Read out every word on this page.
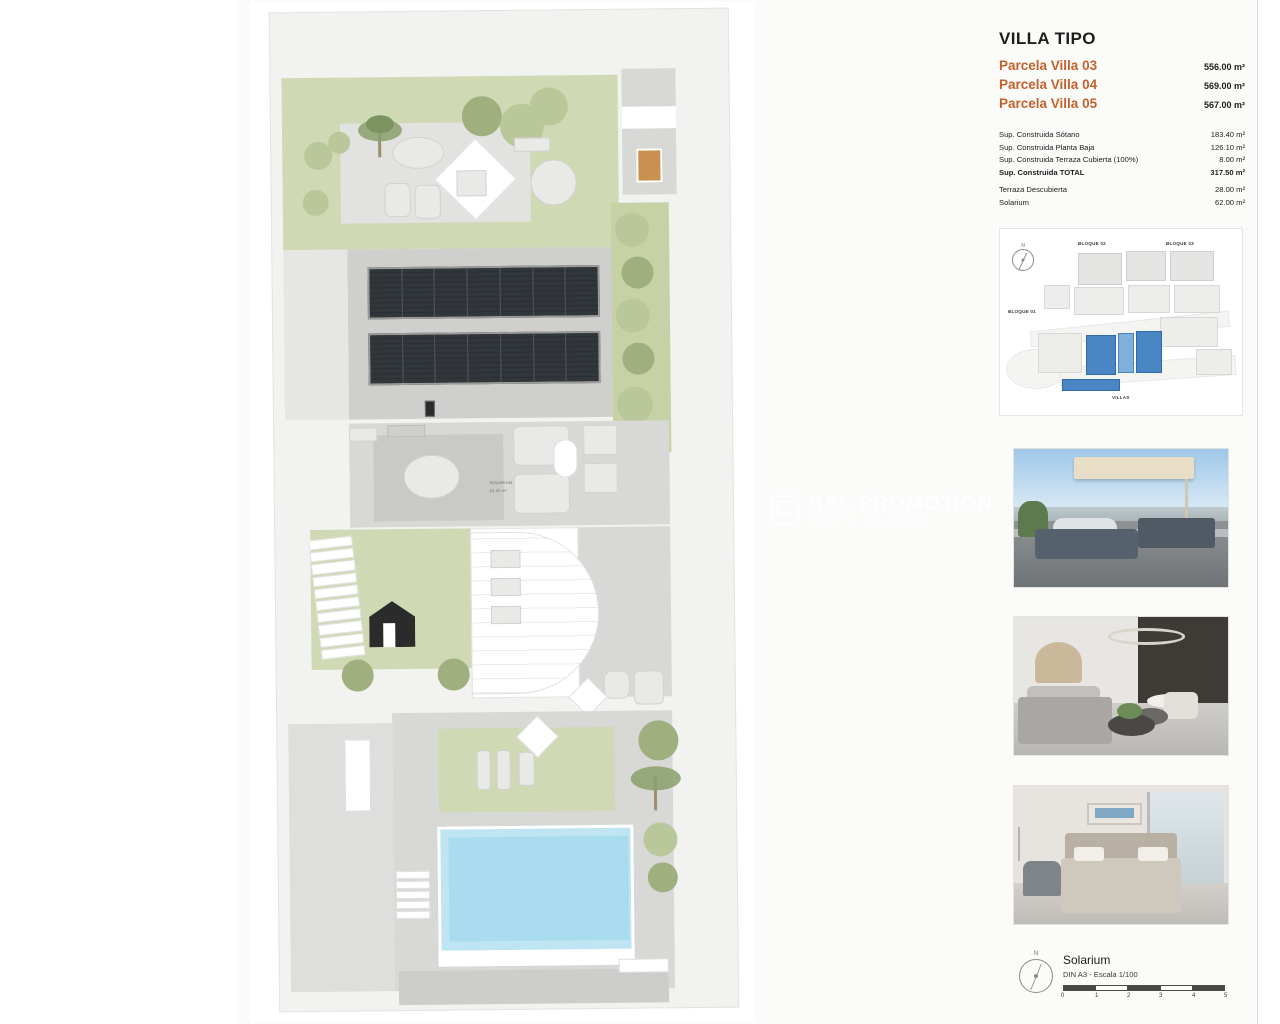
SOLARIUM
62.00 m²
B&L PROMOTION
COSTA BLANCA
VILLA TIPO
Parcela Villa 03	556.00 m²
Parcela Villa 04	569.00 m²
Parcela Villa 05	567.00 m²
Sup. Construida Sótano	183.40 m²
Sup. Construida Planta Baja	126.10 m²
Sup. Construida Terraza Cubierta (100%)	8.00 m²
Sup. Construida TOTAL	317.50 m²
Terraza Descubierta	28.00 m²
Solarium	62.00 m²
N	BLOQUE 02	BLOQUE 03
BLOQUE 01
VILLAS
V3	V4	V5
N Solarium
DIN A3 - Escala 1/100
0	1	2	3	4	5
